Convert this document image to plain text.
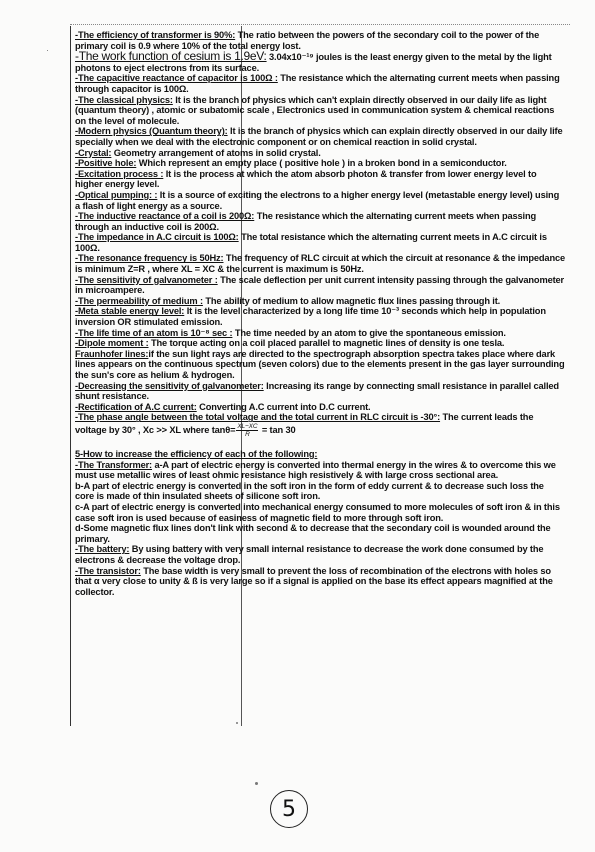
·

-The efficiency of transformer is 90%: The ratio between the powers of the secondary coil to the power of the primary coil is 0.9 where 10% of the total energy lost.

-The work function of cesium is 1.9eV: 3.04x10⁻¹⁹ joules is the least energy given to the metal by the light photons to eject electrons from its surface.

-The capacitive reactance of capacitor is 100Ω : The resistance which the alternating current meets when passing through capacitor is 100Ω.

-The classical physics: It is the branch of physics which can't explain directly observed in our daily life as light (quantum theory) , atomic or subatomic scale , Electronics used in communication system & chemical reactions on the level of molecule.

-Modern physics (Quantum theory): It is the branch of physics which can explain directly observed in our daily life specially when we deal with the electronic component or on chemical reaction in solid crystal.

-Crystal: Geometry arrangement of atoms in solid crystal.

-Positive hole: Which represent an empty place ( positive hole ) in a broken bond in a semiconductor.

-Excitation process : It is the process at which the atom absorb photon & transfer from lower energy level to higher energy level.

-Optical pumping: : It is a source of exciting the electrons to a higher energy level (metastable energy level) using a flash of light energy as a source.

-The inductive reactance of a coil is 200Ω: The resistance which the alternating current meets when passing through an inductive coil is 200Ω.

-The impedance in A.C circuit is 100Ω: The total resistance which the alternating current meets in A.C circuit is 100Ω.

-The resonance frequency is 50Hz: The frequency of RLC circuit at which the circuit at resonance & the impedance is minimum Z=R , where XL = XC & the current is maximum is 50Hz.

-The sensitivity of galvanometer : The scale deflection per unit current intensity passing through the galvanometer in microampere.

-The permeability of medium : The ability of medium to allow magnetic flux lines passing through it.

-Meta stable energy level: It is the level characterized by a long life time 10⁻³ seconds which help in population inversion OR stimulated emission.

-The life time of an atom is 10⁻⁸ sec : The time needed by an atom to give the spontaneous emission.

-Dipole moment : The torque acting on a coil placed parallel to magnetic lines of density is one tesla.

Fraunhofer lines:if the sun light rays are directed to the spectrograph absorption spectra takes place where dark lines appears on the continuous spectrum (seven colors) due to the elements present in the gas layer surrounding the sun's core as helium & hydrogen.

-Decreasing the sensitivity of galvanometer: Increasing its range by connecting small resistance in parallel called shunt resistance.

-Rectification of A.C current: Converting A.C current into D.C current.

-The phase angle between the total voltage and the total current in RLC circuit is -30°: The current leads the voltage by 30° , Xc >> XL where $\tan\theta= \frac{XL-XC}{R} = \tan 30$

5-How to increase the efficiency of each of the following:

-The Transformer: a-A part of electric energy is converted into thermal energy in the wires & to overcome this we must use metallic wires of least ohmic resistance high resistively & with large cross sectional area.

b-A part of electric energy is converted in the soft iron in the form of eddy current & to decrease such loss the core is made of thin insulated sheets of silicone soft iron.

c-A part of electric energy is converted into mechanical energy consumed to more molecules of soft iron & in this case soft iron is used because of easiness of magnetic field to more through soft iron.

d-Some magnetic flux lines don't link with second & to decrease that the secondary coil is wounded around the primary.

-The battery: By using battery with very small internal resistance to decrease the work done consumed by the electrons & decrease the voltage drop.

-The transistor: The base width is very small to prevent the loss of recombination of the electrons with holes so that α very close to unity & ß is very large so if a signal is applied on the base its effect appears magnified at the collector.

5
